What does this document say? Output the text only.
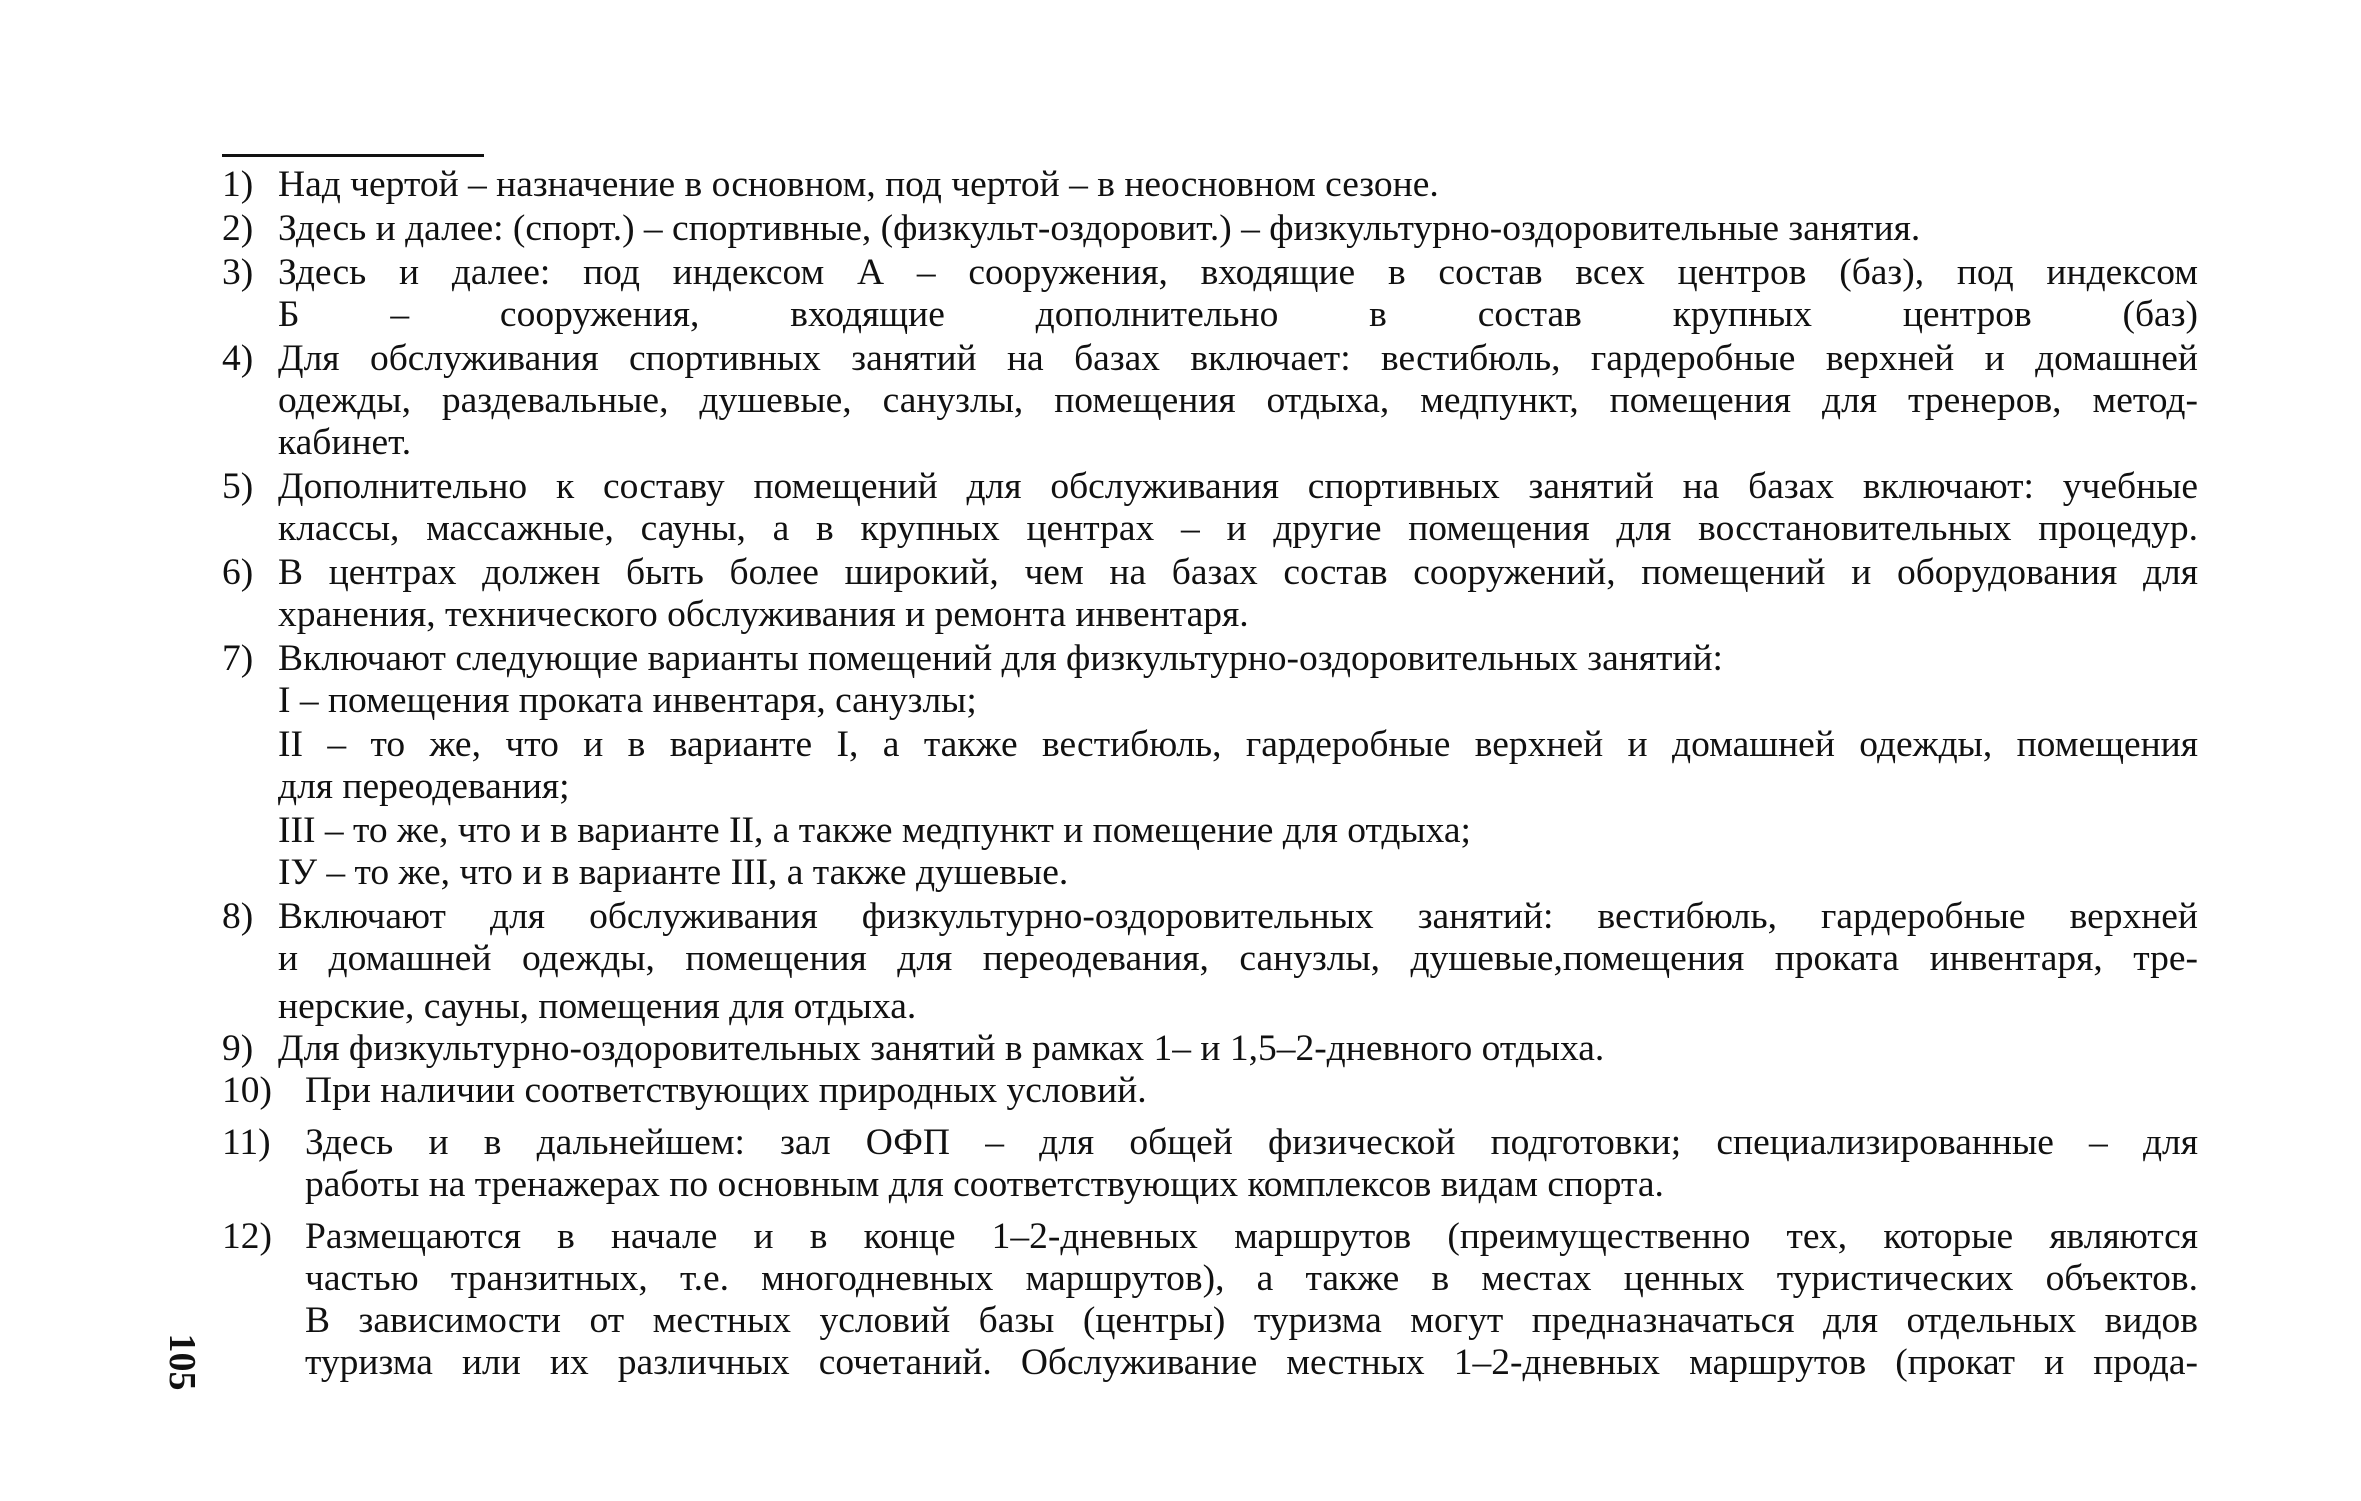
1) Над чертой – назначение в основном, под чертой – в неосновном сезоне.
2) Здесь и далее: (спорт.) – спортивные, (физкульт-оздоровит.) – физкультурно-оздоровительные занятия.
3) Здесь и далее: под индексом А – сооружения, входящие в состав всех центров (баз), под индексом
Б – сооружения, входящие дополнительно в состав крупных центров (баз)
4) Для обслуживания спортивных занятий на базах включает: вестибюль, гардеробные верхней и домашней
одежды, раздевальные, душевые, санузлы, помещения отдыха, медпункт, помещения для тренеров, метод-
кабинет.
5) Дополнительно к составу помещений для обслуживания спортивных занятий на базах включают: учебные
классы, массажные, сауны, а в крупных центрах – и другие помещения для восстановительных процедур.
6) В центрах должен быть более широкий, чем на базах состав сооружений, помещений и оборудования для
хранения, технического обслуживания и ремонта инвентаря.
7) Включают следующие варианты помещений для физкультурно-оздоровительных занятий:
I – помещения проката инвентаря, санузлы;
II – то же, что и в варианте I, а также вестибюль, гардеробные верхней и домашней одежды, помещения
для переодевания;
III – то же, что и в варианте II, а также медпункт и помещение для отдыха;
IУ – то же, что и в варианте III, а также душевые.
8) Включают для обслуживания физкультурно-оздоровительных занятий: вестибюль, гардеробные верхней
и домашней одежды, помещения для переодевания, санузлы, душевые,помещения проката инвентаря, тре-
нерские, сауны, помещения для отдыха.
9) Для физкультурно-оздоровительных занятий в рамках 1– и 1,5–2-дневного отдыха.
10) При наличии соответствующих природных условий.
11) Здесь и в дальнейшем: зал ОФП – для общей физической подготовки; специализированные – для
работы на тренажерах по основным для соответствующих комплексов видам спорта.
12) Размещаются в начале и в конце 1–2-дневных маршрутов (преимущественно тех, которые являются
частью транзитных, т.е. многодневных маршрутов), а также в местах ценных туристических объектов.
В зависимости от местных условий базы (центры) туризма могут предназначаться для отдельных видов
туризма или их различных сочетаний. Обслуживание местных 1–2-дневных маршрутов (прокат и прода-
105
